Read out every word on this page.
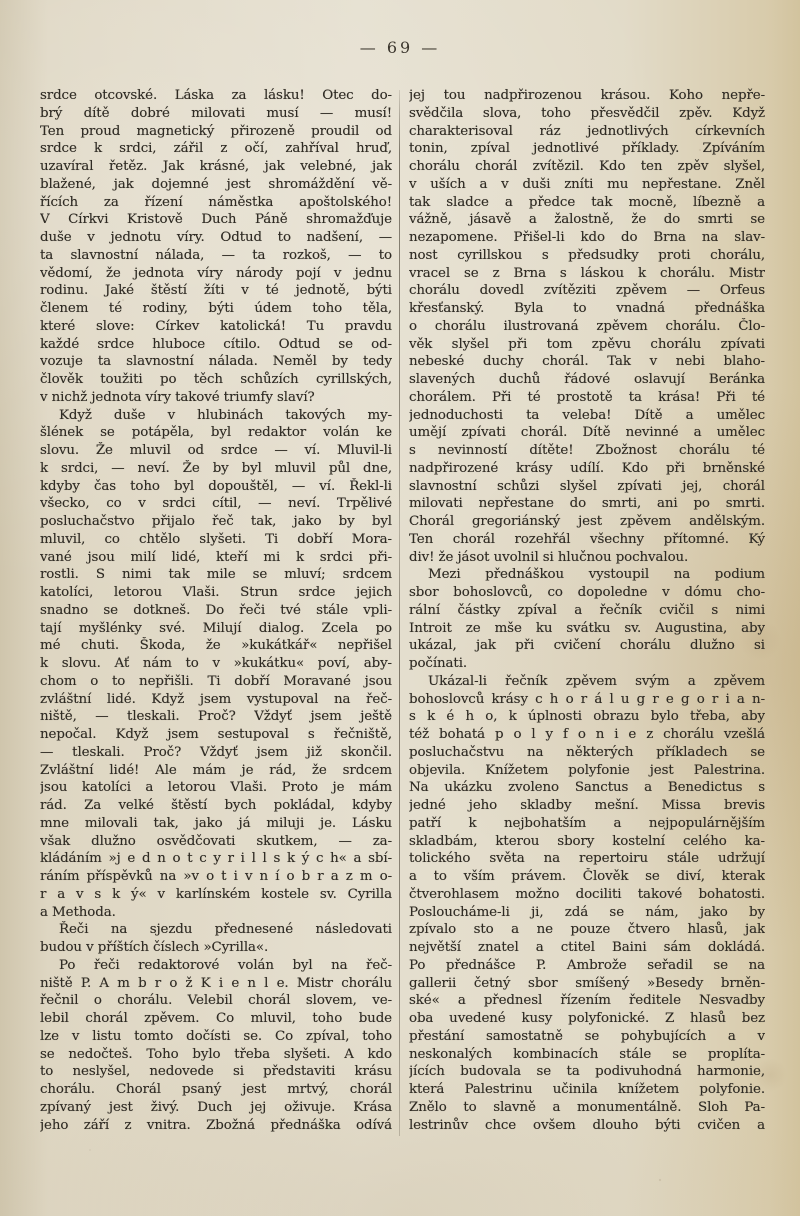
— 69 —
srdce otcovské. Láska za lásku! Otec do-
brý dítě dobré milovati musí — musí!
Ten proud magnetický přirozeně proudil od
srdce k srdci, zářil z očí, zahříval hruď,
uzavíral řetěz. Jak krásné, jak velebné, jak
blažené, jak dojemné jest shromáždění vě-
řících za řízení náměstka apoštolského!
V Církvi Kristově Duch Páně shromažďuje
duše v jednotu víry. Odtud to nadšení, —
ta slavnostní nálada, — ta rozkoš, — to
vědomí, že jednota víry národy pojí v jednu
rodinu. Jaké štěstí žíti v té jednotě, býti
členem té rodiny, býti údem toho těla,
které slove: Církev katolická! Tu pravdu
každé srdce hluboce cítilo. Odtud se od-
vozuje ta slavnostní nálada. Neměl by tedy
člověk toužiti po těch schůzích cyrillských,
v nichž jednota víry takové triumfy slaví?
Když duše v hlubinách takových my-
šlének se potápěla, byl redaktor volán ke
slovu. Že mluvil od srdce — ví. Mluvil-li
k srdci, — neví. Že by byl mluvil půl dne,
kdyby čas toho byl dopouštěl, — ví. Řekl-li
všecko, co v srdci cítil, — neví. Trpělivé
posluchačstvo přijalo řeč tak, jako by byl
mluvil, co chtělo slyšeti. Ti dobří Mora-
vané jsou milí lidé, kteří mi k srdci při-
rostli. S nimi tak mile se mluví; srdcem
katolíci, letorou Vlaši. Strun srdce jejich
snadno se dotkneš. Do řeči tvé stále vpli-
tají myšlénky své. Milují dialog. Zcela po
mé chuti. Škoda, že »kukátkář« nepřišel
k slovu. Ať nám to v »kukátku« poví, aby-
chom o to nepřišli. Ti dobří Moravané jsou
zvláštní lidé. Když jsem vystupoval na řeč-
niště, — tleskali. Proč? Vždyť jsem ještě
nepočal. Když jsem sestupoval s řečniště,
— tleskali. Proč? Vždyť jsem již skončil.
Zvláštní lidé! Ale mám je rád, že srdcem
jsou katolíci a letorou Vlaši. Proto je mám
rád. Za velké štěstí bych pokládal, kdyby
mne milovali tak, jako já miluji je. Lásku
však dlužno osvědčovati skutkem, — za-
kládáním »j e d n o t c y r i l l s k ý c h« a sbí-
ráním příspěvků na »v o t i v n í o b r a z m o-
r a v s k ý« v karlínském kostele sv. Cyrilla
a Methoda.
Řeči na sjezdu přednesené následovati
budou v příštích číslech »Cyrilla«.
Po řeči redaktorové volán byl na řeč-
niště P. A m b r o ž K i e n l e. Mistr chorálu
řečnil o chorálu. Velebil chorál slovem, ve-
lebil chorál zpěvem. Co mluvil, toho bude
lze v listu tomto dočísti se. Co zpíval, toho
se nedočteš. Toho bylo třeba slyšeti. A kdo
to neslyšel, nedovede si představiti krásu
chorálu. Chorál psaný jest mrtvý, chorál
zpívaný jest živý. Duch jej oživuje. Krása
jeho září z vnitra. Zbožná přednáška odívá
jej tou nadpřirozenou krásou. Koho nepře-
svědčila slova, toho přesvědčil zpěv. Když
charakterisoval ráz jednotlivých církevních
tonin, zpíval jednotlivé příklady. Zpíváním
chorálu chorál zvítězil. Kdo ten zpěv slyšel,
v uších a v duši zníti mu nepřestane. Zněl
tak sladce a předce tak mocně, líbezně a
vážně, jásavě a žalostně, že do smrti se
nezapomene. Přišel-li kdo do Brna na slav-
nost cyrillskou s předsudky proti chorálu,
vracel se z Brna s láskou k chorálu. Mistr
chorálu dovedl zvítěziti zpěvem — Orfeus
křesťanský. Byla to vnadná přednáška
o chorálu ilustrovaná zpěvem chorálu. Člo-
věk slyšel při tom zpěvu chorálu zpívati
nebeské duchy chorál. Tak v nebi blaho-
slavených duchů řádové oslavují Beránka
chorálem. Při té prostotě ta krása! Při té
jednoduchosti ta veleba! Dítě a umělec
umějí zpívati chorál. Dítě nevinné a umělec
s nevinností dítěte! Zbožnost chorálu té
nadpřirozené krásy udílí. Kdo při brněnské
slavnostní schůzi slyšel zpívati jej, chorál
milovati nepřestane do smrti, ani po smrti.
Chorál gregoriánský jest zpěvem andělským.
Ten chorál rozehřál všechny přítomné. Ký
div! že jásot uvolnil si hlučnou pochvalou.
Mezi přednáškou vystoupil na podium
sbor bohoslovců, co dopoledne v dómu cho-
rální částky zpíval a řečník cvičil s nimi
Introit ze mše ku svátku sv. Augustina, aby
ukázal, jak při cvičení chorálu dlužno si
počínati.
Ukázal-li řečník zpěvem svým a zpěvem
bohoslovců krásy c h o r á l u g r e g o r i a n-
s k é h o, k úplnosti obrazu bylo třeba, aby
též bohatá p o l y f o n i e z chorálu vzešlá
posluchačstvu na některých příkladech se
objevila. Knížetem polyfonie jest Palestrina.
Na ukázku zvoleno Sanctus a Benedictus s
jedné jeho skladby mešní. Missa brevis
patří k nejbohatším a nejpopulárnějším
skladbám, kterou sbory kostelní celého ka-
tolického světa na repertoiru stále udržují
a to vším právem. Člověk se diví, kterak
čtverohlasem možno dociliti takové bohatosti.
Posloucháme-li ji, zdá se nám, jako by
zpívalo sto a ne pouze čtvero hlasů, jak
největší znatel a ctitel Baini sám dokládá.
Po přednášce P. Ambrože seřadil se na
gallerii četný sbor smíšený »Besedy brněn-
ské« a přednesl řízením ředitele Nesvadby
oba uvedené kusy polyfonické. Z hlasů bez
přestání samostatně se pohybujících a v
neskonalých kombinacích stále se proplíta-
jících budovala se ta podivuhodná harmonie,
která Palestrinu učinila knížetem polyfonie.
Znělo to slavně a monumentálně. Sloh Pa-
lestrinův chce ovšem dlouho býti cvičen a
